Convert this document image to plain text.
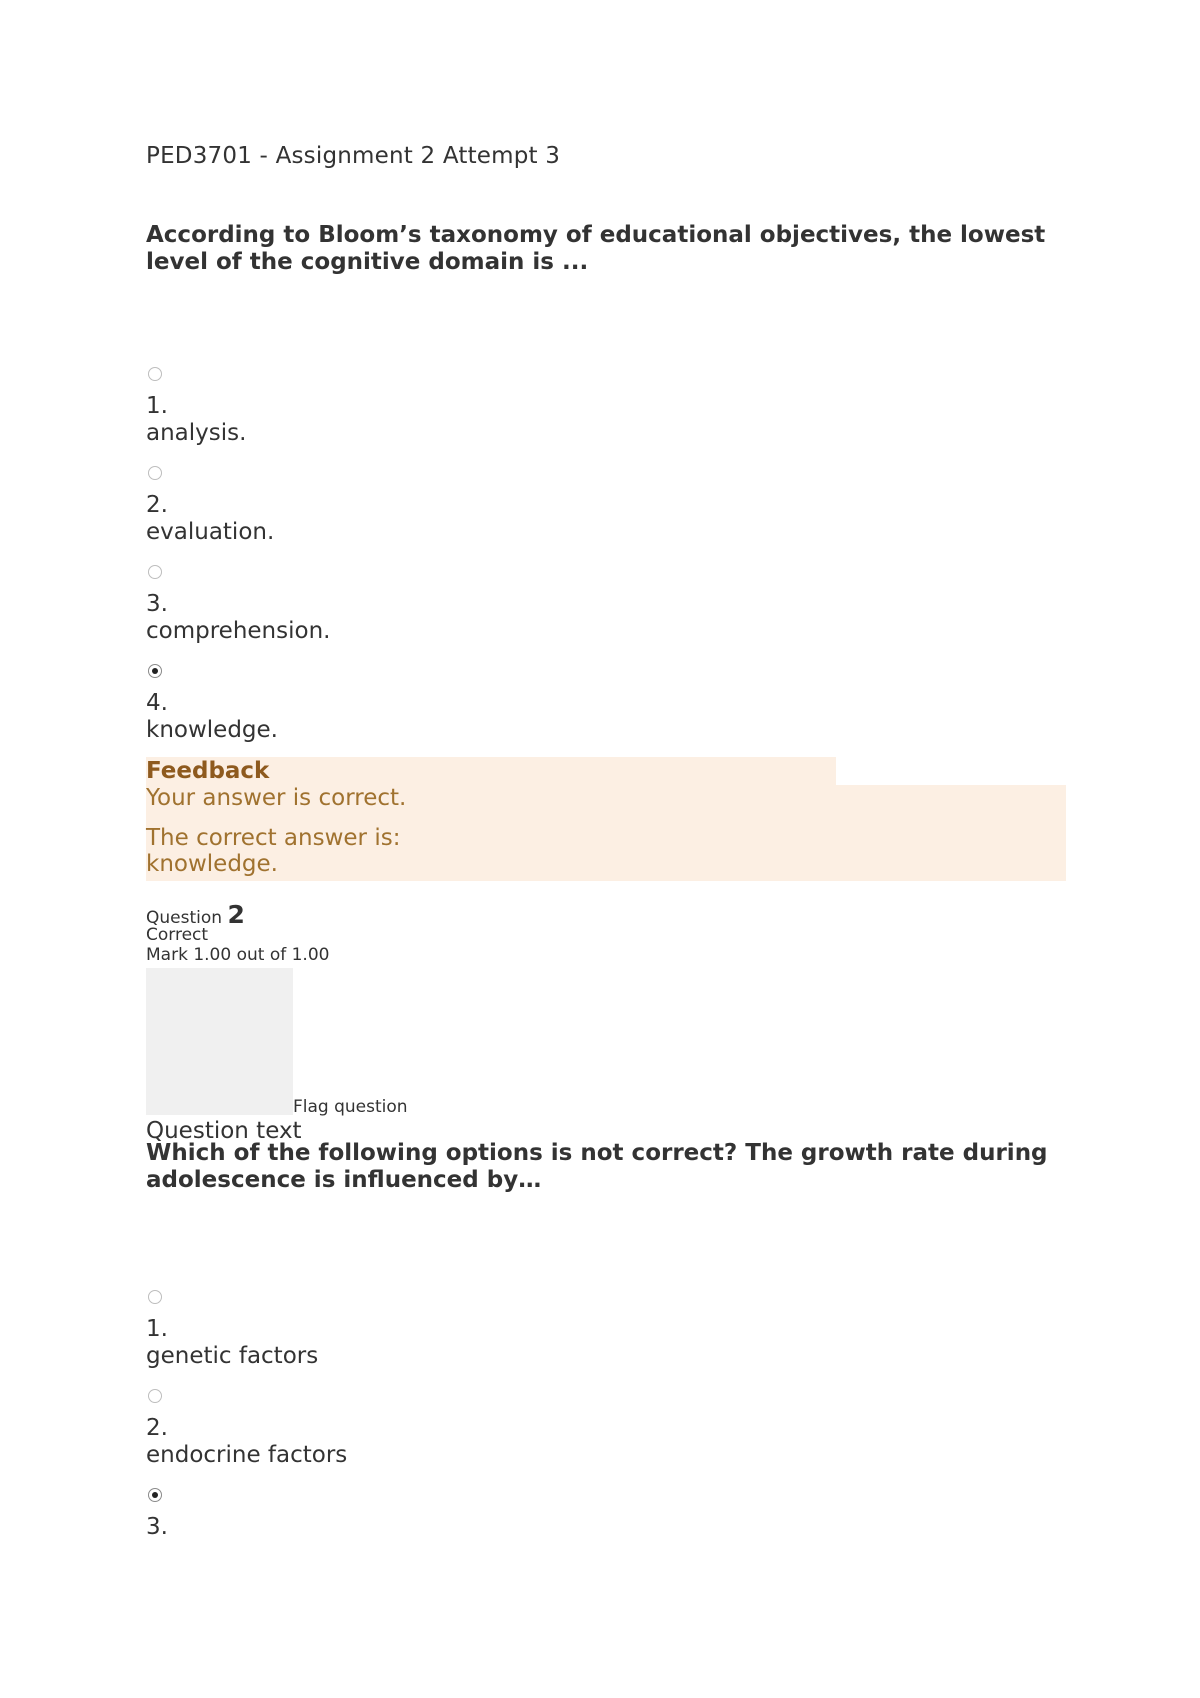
PED3701 - Assignment 2 Attempt 3
According to Bloom’s taxonomy of educational objectives, the lowest level of the cognitive domain is ...
1.
analysis.
2.
evaluation.
3.
comprehension.
4.
knowledge.
Feedback
Your answer is correct.
The correct answer is:
knowledge.
Question 2
Correct
Mark 1.00 out of 1.00
Flag question
Question text
Which of the following options is not correct? The growth rate during adolescence is influenced by…
1.
genetic factors
2.
endocrine factors
3.
